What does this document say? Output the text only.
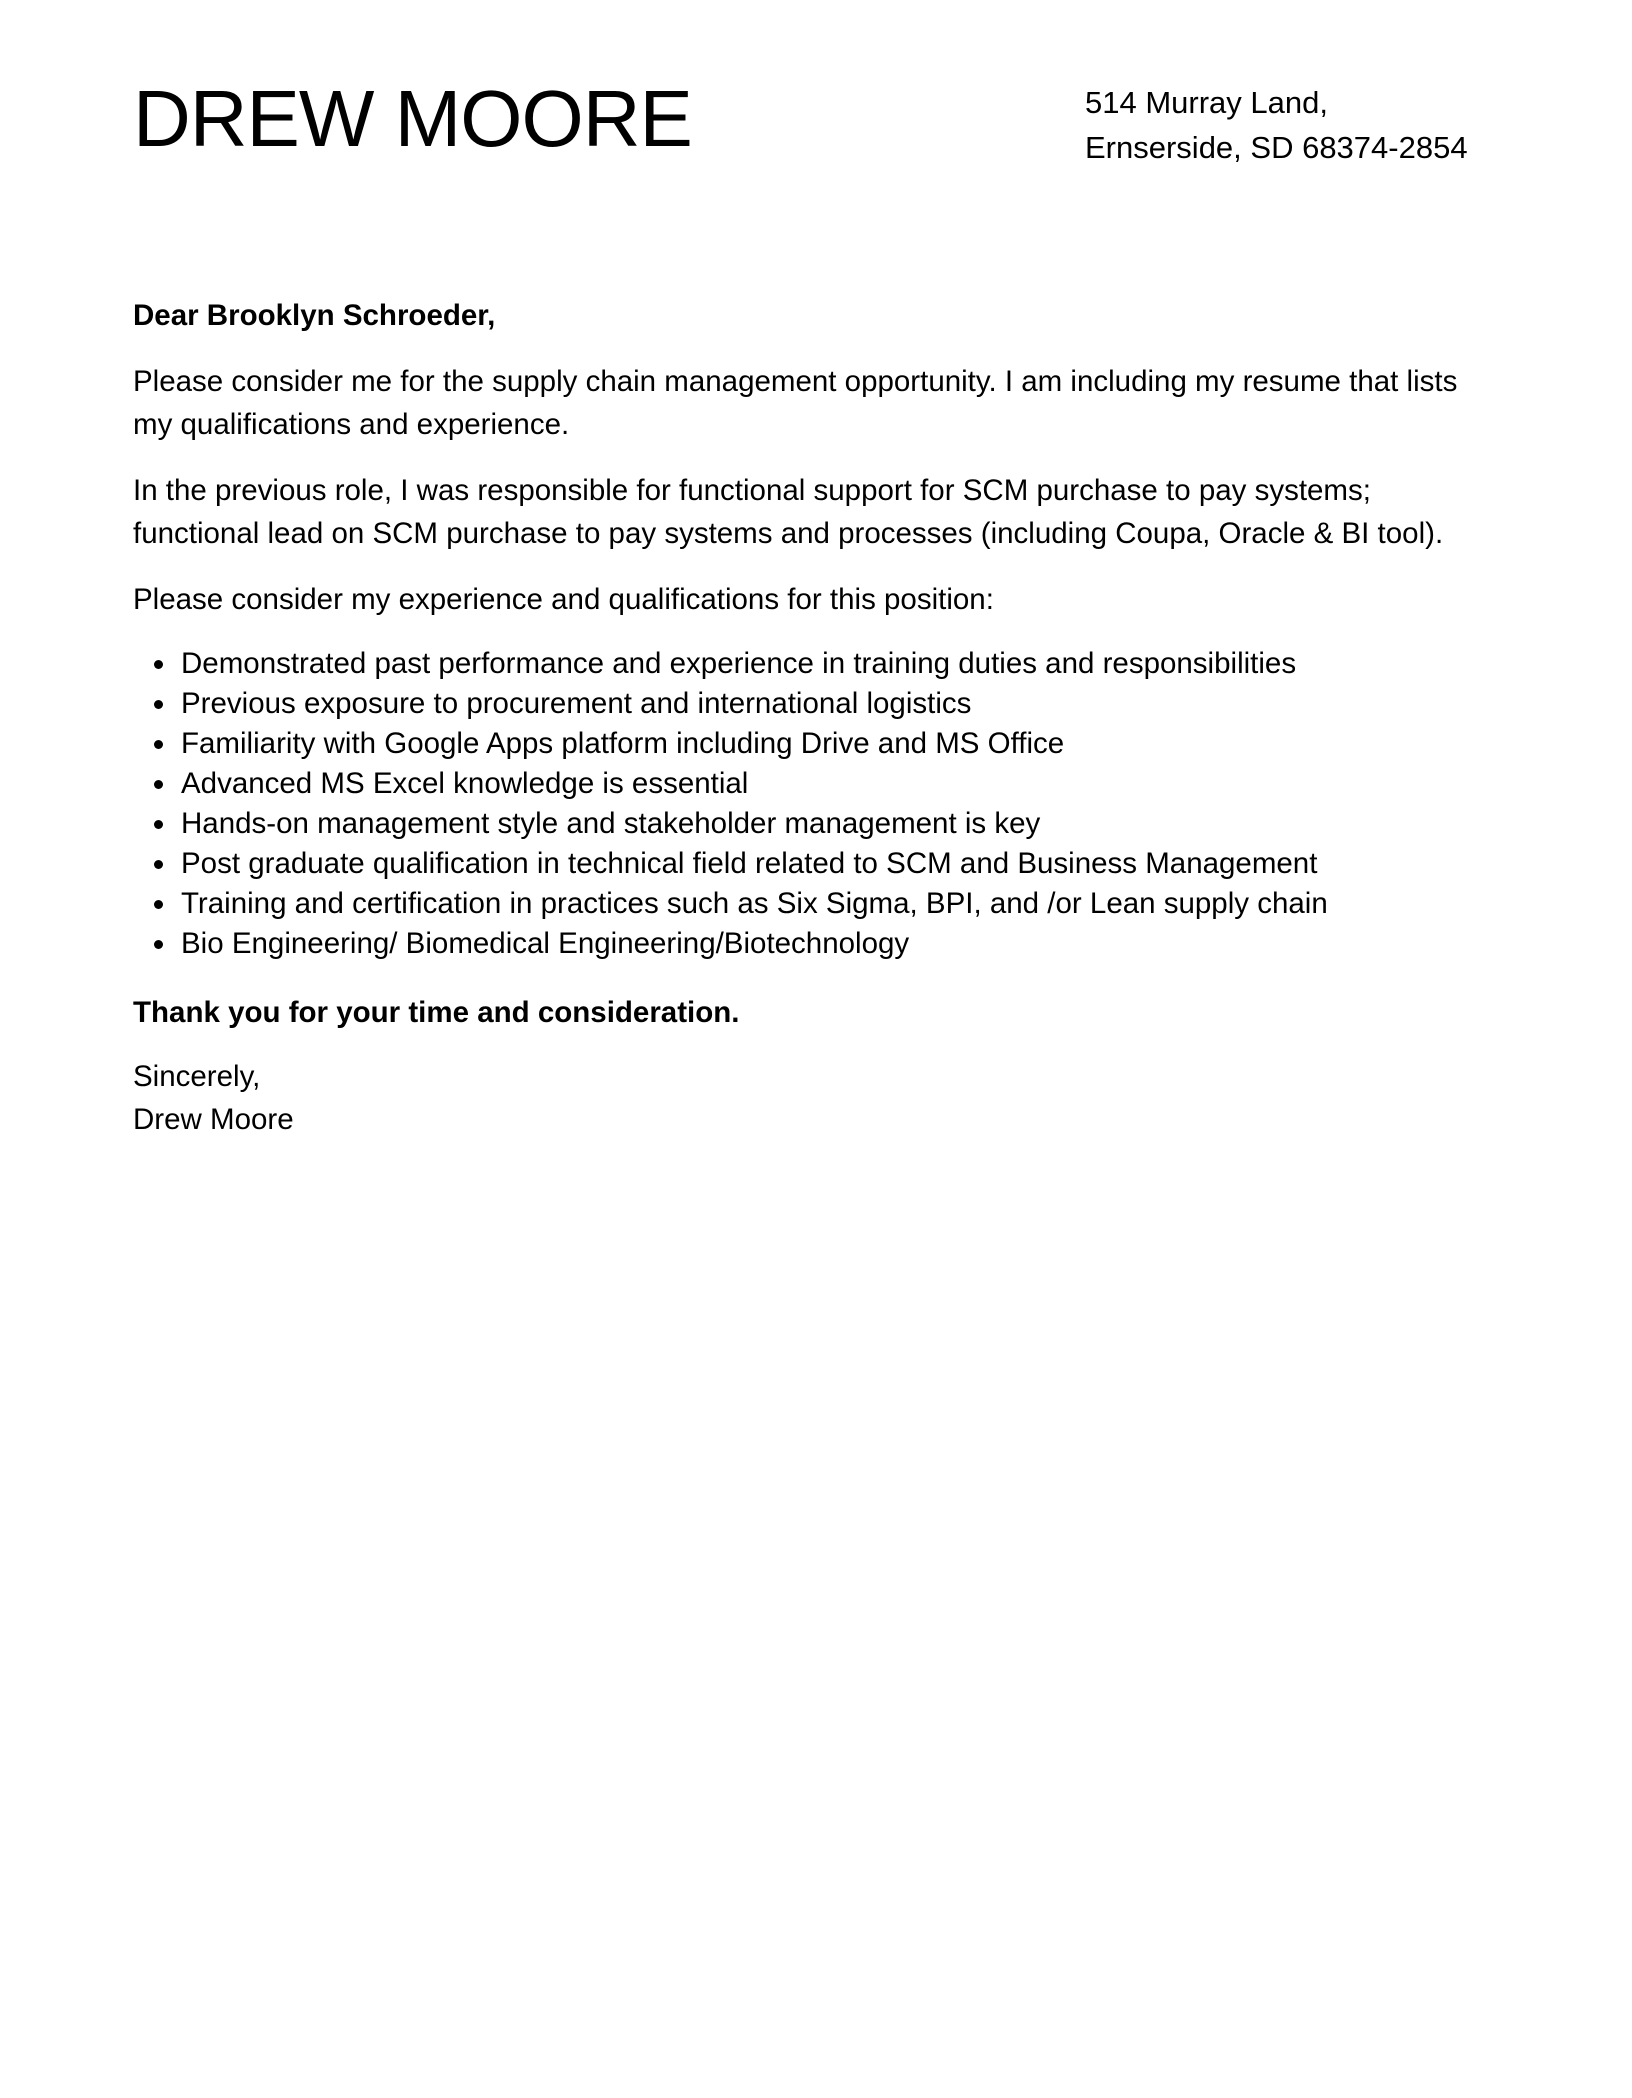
DREW MOORE	514 Murray Land,
Ernserside, SD 68374-2854

Dear Brooklyn Schroeder,

Please consider me for the supply chain management opportunity. I am including my resume that lists my qualifications and experience.

In the previous role, I was responsible for functional support for SCM purchase to pay systems; functional lead on SCM purchase to pay systems and processes (including Coupa, Oracle & BI tool).

Please consider my experience and qualifications for this position:

Demonstrated past performance and experience in training duties and responsibilities
Previous exposure to procurement and international logistics
Familiarity with Google Apps platform including Drive and MS Office
Advanced MS Excel knowledge is essential
Hands-on management style and stakeholder management is key
Post graduate qualification in technical field related to SCM and Business Management
Training and certification in practices such as Six Sigma, BPI, and /or Lean supply chain
Bio Engineering/ Biomedical Engineering/Biotechnology

Thank you for your time and consideration.

Sincerely,
Drew Moore
